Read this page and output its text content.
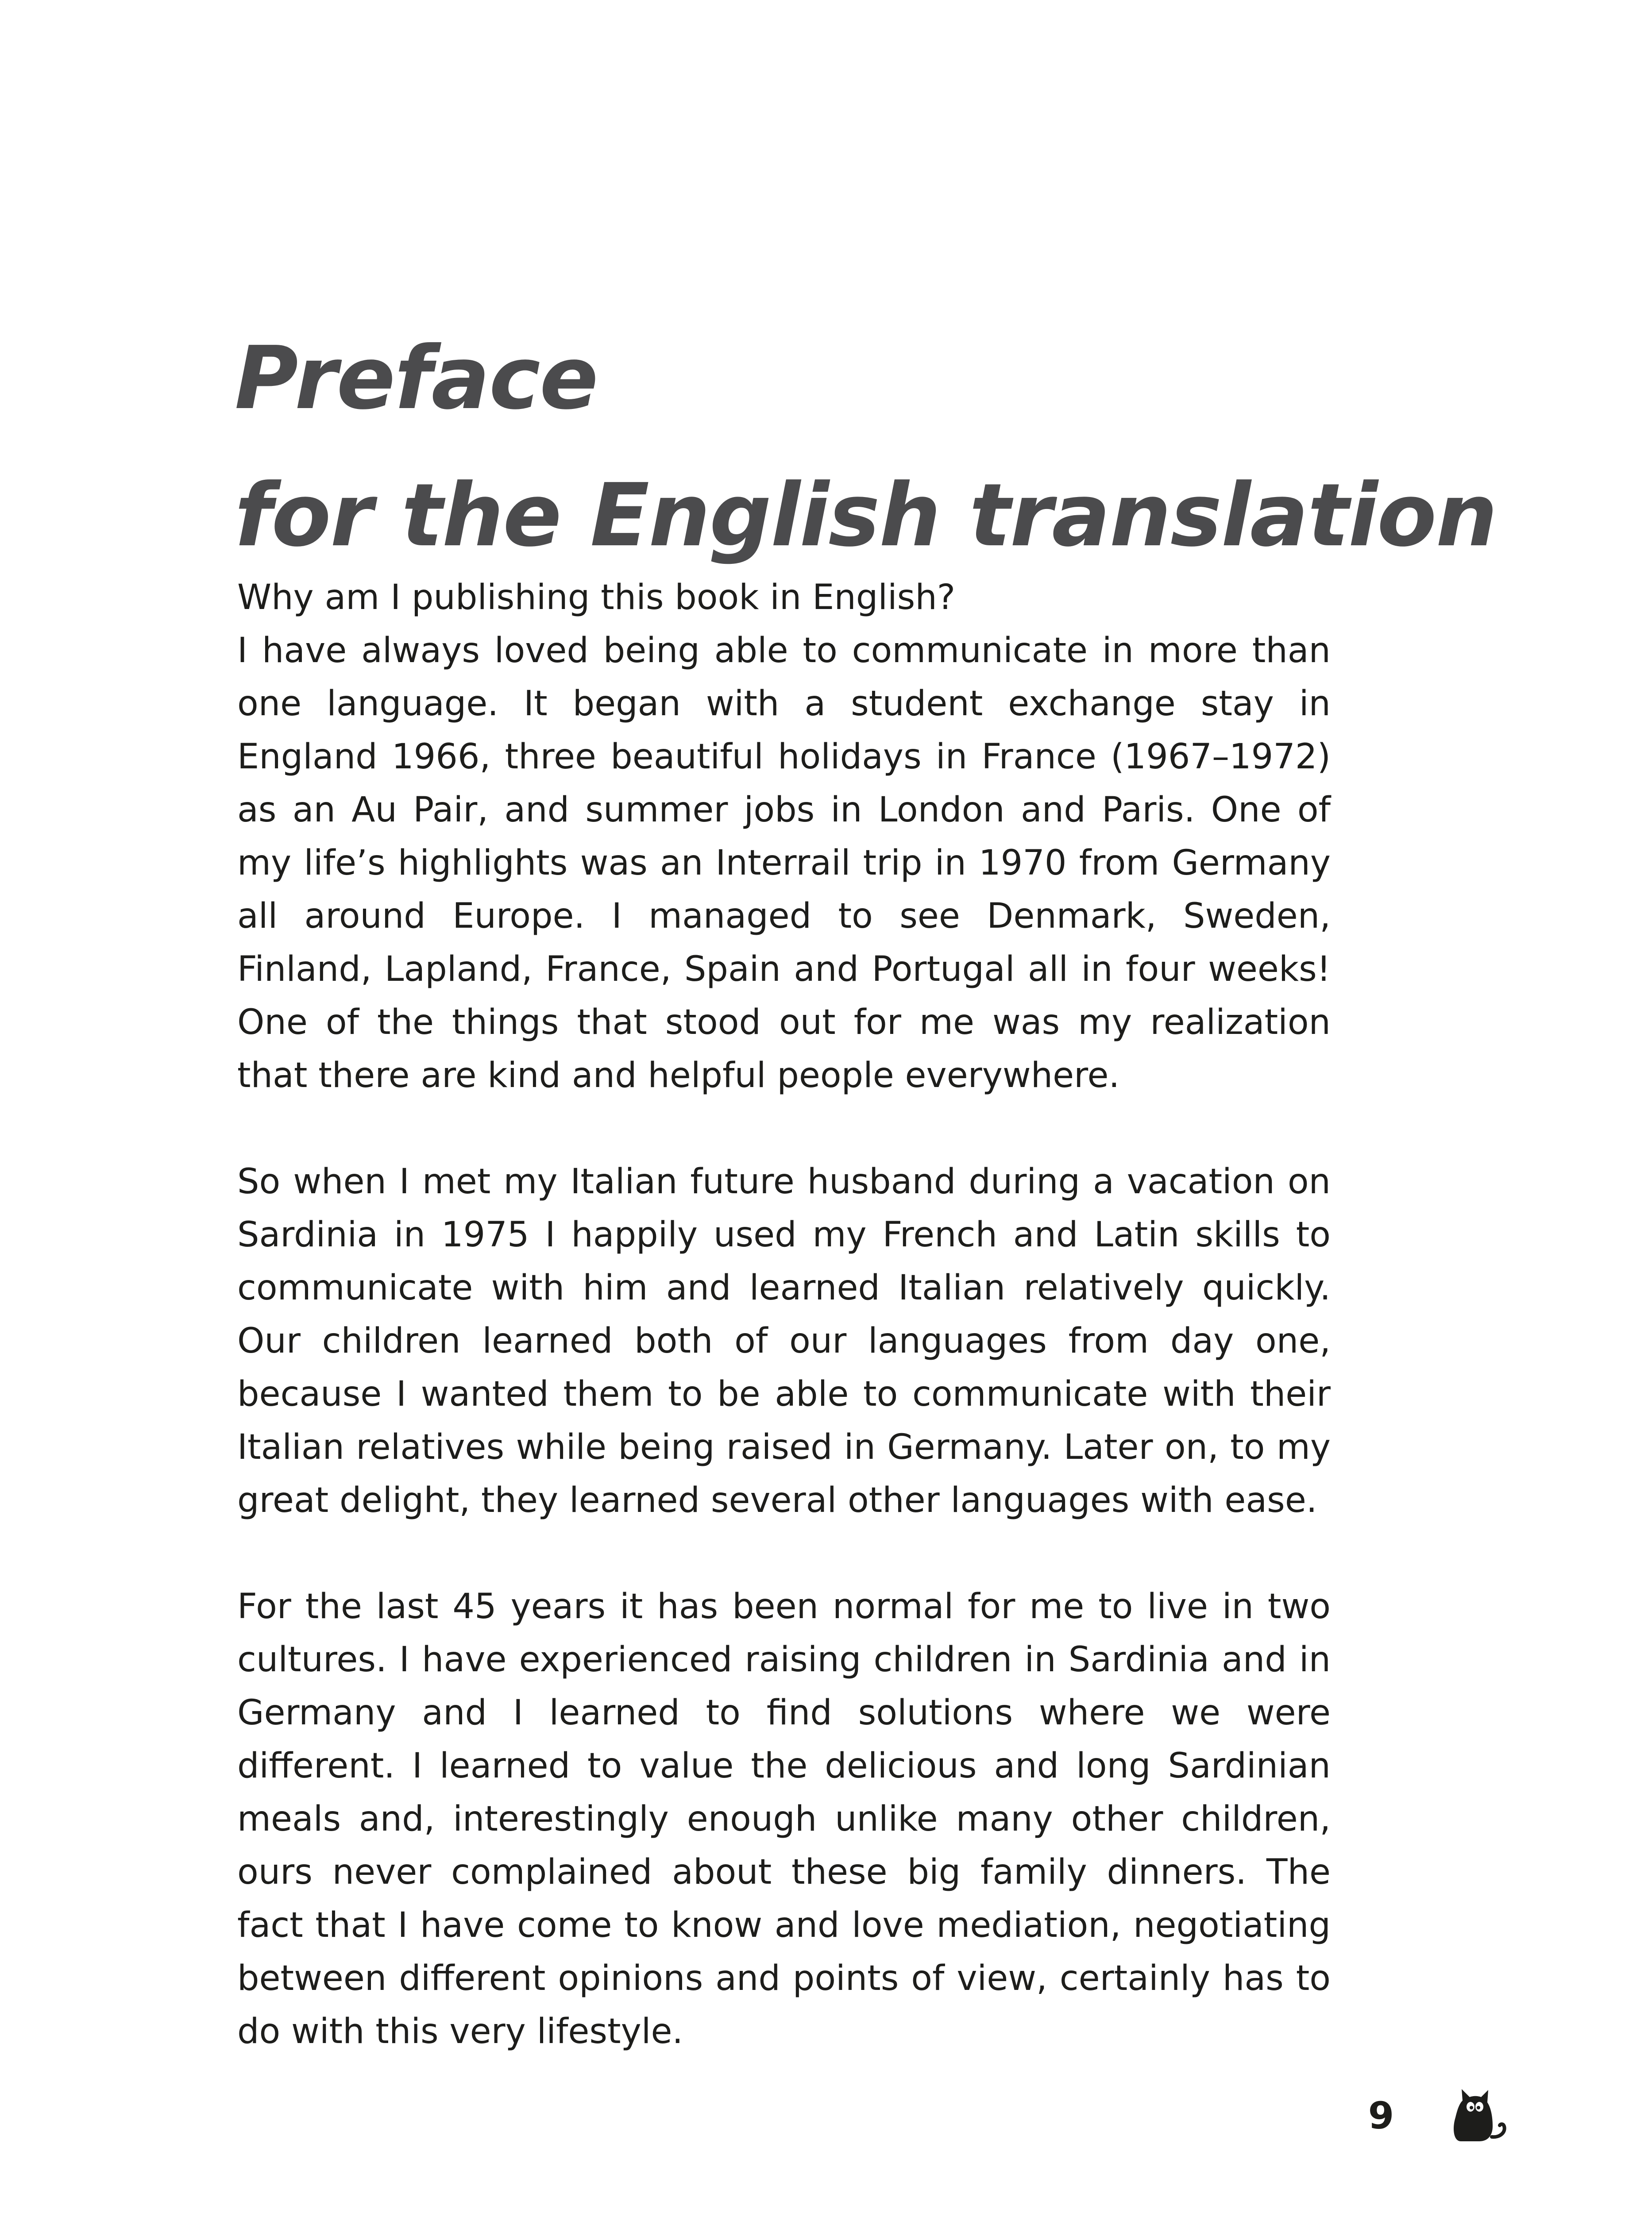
Preface
for the English translation

Why am I publishing this book in English?
I have always loved being able to communicate in more than one language. It began with a student exchange stay in England 1966, three beautiful holidays in France (1967–1972) as an Au Pair, and summer jobs in London and Paris. One of my life’s highlights was an Interrail trip in 1970 from Germany all around Europe. I managed to see Denmark, Sweden, Finland, Lapland, France, Spain and Portugal all in four weeks! One of the things that stood out for me was my realization that there are kind and helpful people everywhere.

So when I met my Italian future husband during a vacation on Sardinia in 1975 I happily used my French and Latin skills to communicate with him and learned Italian relatively quickly. Our children learned both of our languages from day one, because I wanted them to be able to communicate with their Italian relatives while being raised in Germany. Later on, to my great delight, they learned several other languages with ease.

For the last 45 years it has been normal for me to live in two cultures. I have experienced raising children in Sardinia and in Germany and I learned to find solutions where we were different. I learned to value the delicious and long Sardinian meals and, interestingly enough unlike many other children, ours never complained about these big family dinners. The fact that I have come to know and love mediation, negotiating between different opinions and points of view, certainly has to do with this very lifestyle.

9
